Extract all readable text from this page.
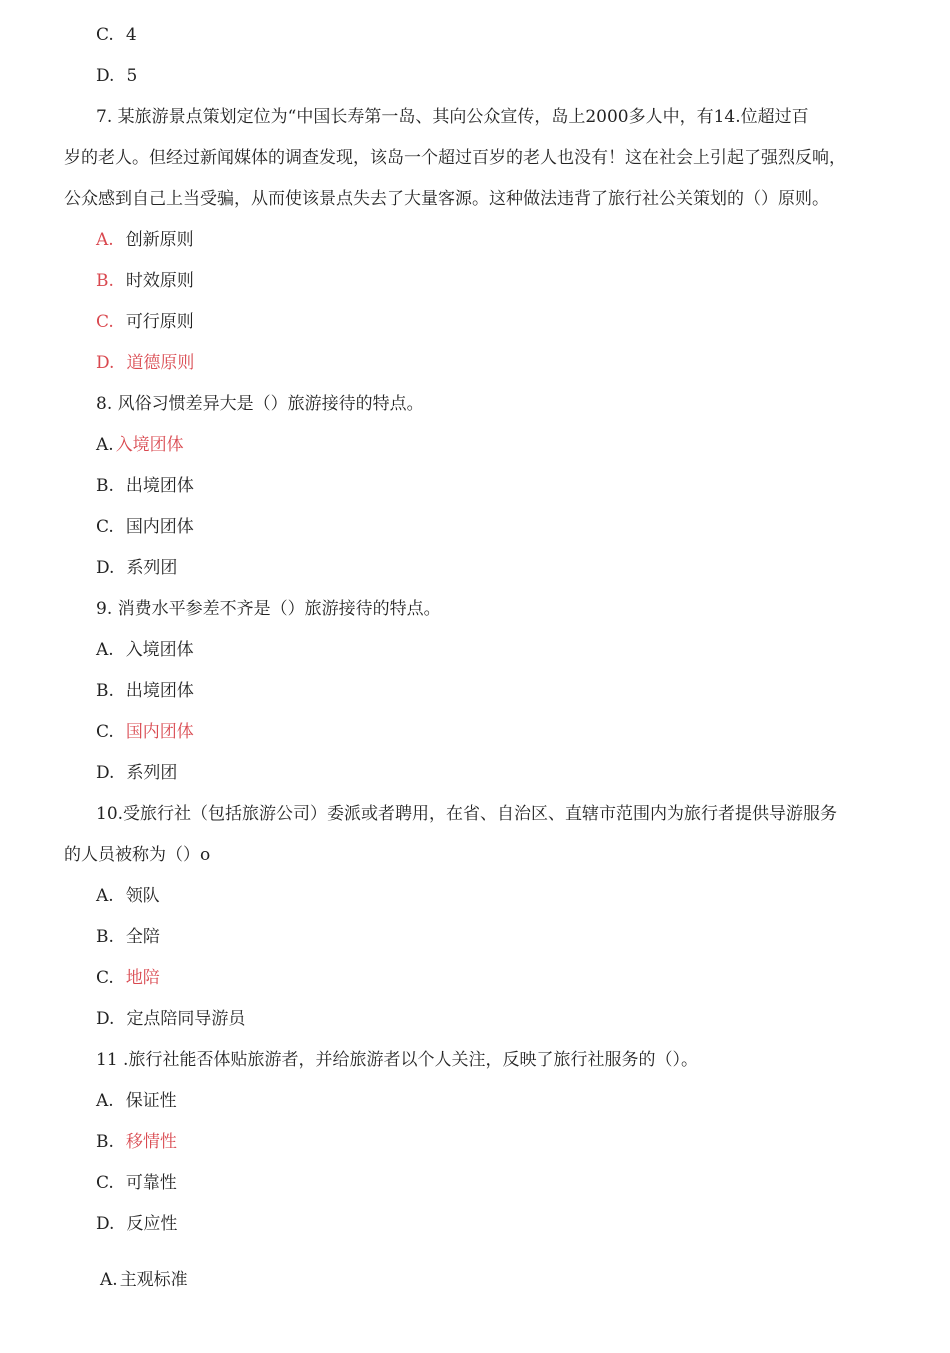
C. 4
D. 5
7. 某旅游景点策划定位为“中国长寿第一岛、其向公众宣传，岛上2000多人中，有14.位超过百
岁的老人。但经过新闻媒体的调查发现，该岛一个超过百岁的老人也没有！这在社会上引起了强烈反响，
公众感到自己上当受骗，从而使该景点失去了大量客源。这种做法违背了旅行社公关策划的（）原则。
A. 创新原则
B. 时效原则
C. 可行原则
D. 道德原则
8. 风俗习惯差异大是（）旅游接待的特点。
A. 入境团体
B. 出境团体
C. 国内团体
D. 系列团
9. 消费水平参差不齐是（）旅游接待的特点。
A. 入境团体
B. 出境团体
C. 国内团体
D. 系列团
10.受旅行社（包括旅游公司）委派或者聘用，在省、自治区、直辖市范围内为旅行者提供导游服务
的人员被称为（）o
A. 领队
B. 全陪
C. 地陪
D. 定点陪同导游员
11 .旅行社能否体贴旅游者，并给旅游者以个人关注，反映了旅行社服务的（）。
A. 保证性
B. 移情性
C. 可靠性
D. 反应性
A. 主观标准
